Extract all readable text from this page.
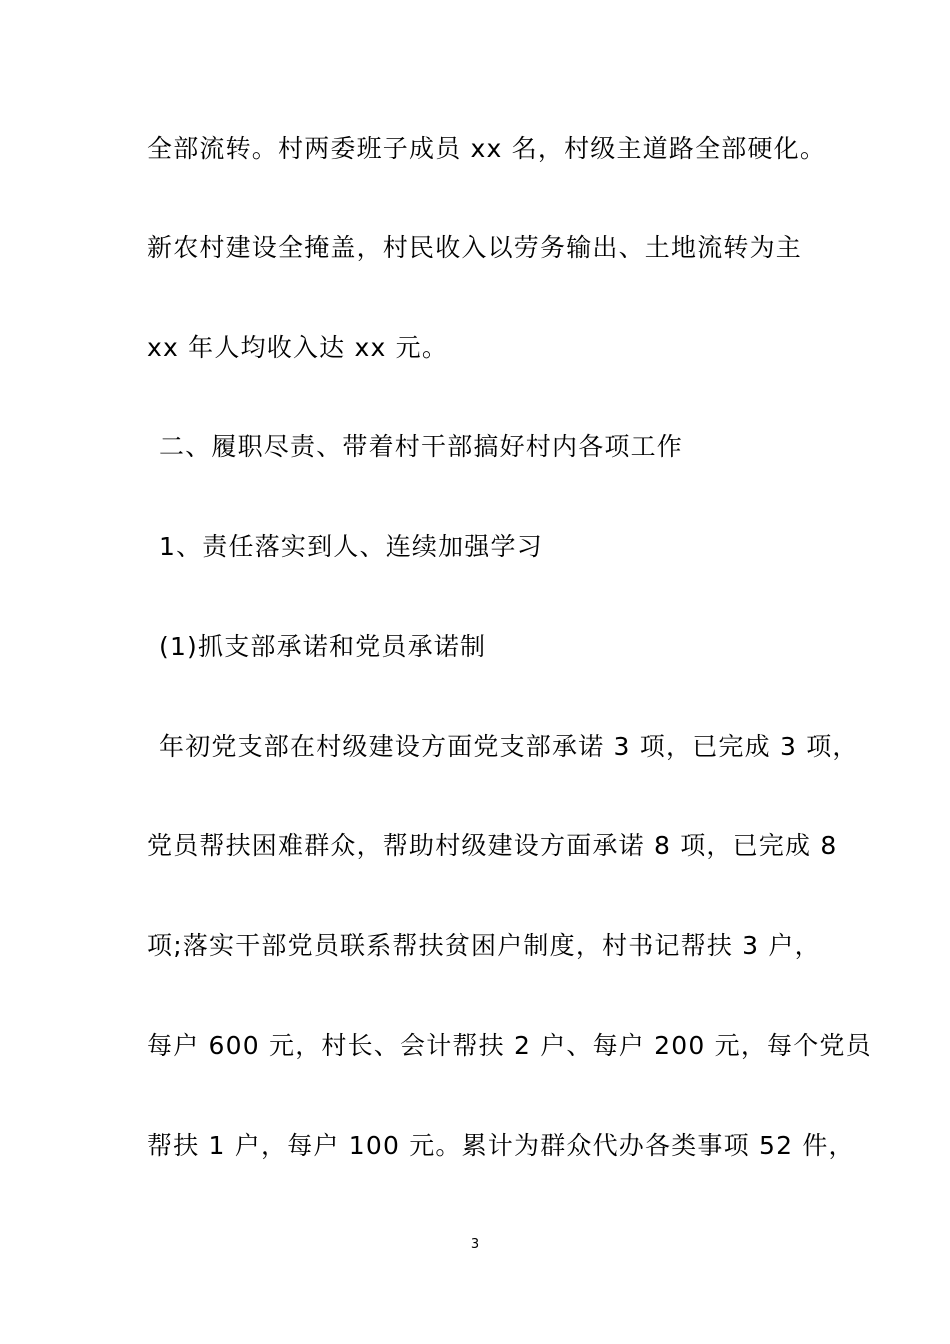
全部流转。村两委班子成员 xx 名，村级主道路全部硬化。
新农村建设全掩盖，村民收入以劳务输出、土地流转为主
xx 年人均收入达 xx 元。
二、履职尽责、带着村干部搞好村内各项工作
1、责任落实到人、连续加强学习
(1)抓支部承诺和党员承诺制
年初党支部在村级建设方面党支部承诺 3 项，已完成 3 项，
党员帮扶困难群众，帮助村级建设方面承诺 8 项，已完成 8
项;落实干部党员联系帮扶贫困户制度，村书记帮扶 3 户，
每户 600 元，村长、会计帮扶 2 户、每户 200 元，每个党员
帮扶 1 户，每户 100 元。累计为群众代办各类事项 52 件，
3
